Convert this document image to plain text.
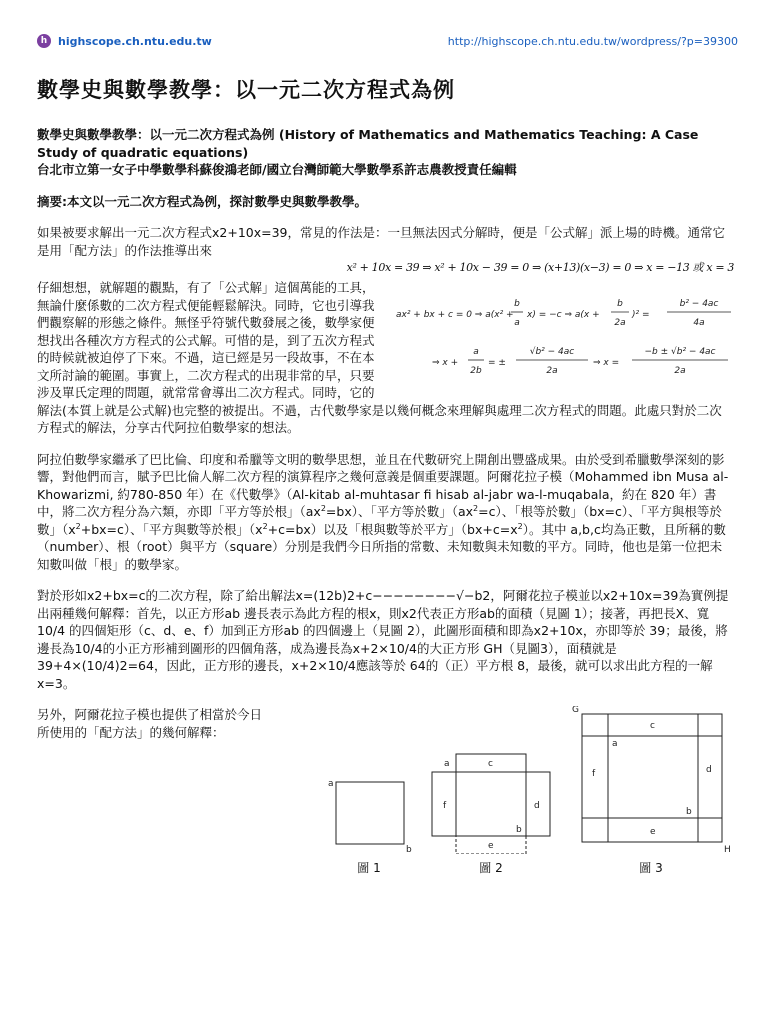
h highscope.ch.ntu.edu.tw	http://highscope.ch.ntu.edu.tw/wordpress/?p=39300
數學史與數學教學：以一元二次方程式為例
數學史與數學教學：以一元二次方程式為例 (History of Mathematics and Mathematics Teaching: A Case Study of quadratic equations)
台北市立第一女子中學數學科蘇俊鴻老師/國立台灣師範大學數學系許志農教授責任編輯

摘要:本文以一元二次方程式為例，探討數學史與數學教學。

如果被要求解出一元二次方程式x2+10x=39，常見的作法是：一旦無法因式分解時，便是「公式解」派上場的時機。通常它是用「配方法」的作法推導出來
x² + 10x = 39 ⇒ x² + 10x − 39 = 0 ⇒ (x+13)(x−3) = 0 ⇒ x = −13 或 x = 3
ax² + bx + c = 0 ⇒ a(x² +
b
a
x) = −c ⇒ a(x +
b
2a
)² =
b² − 4ac
4a
⇒ x +
a
2b
= ±
√b² − 4ac
2a
⇒ x =
−b ± √b² − 4ac
2a
仔細想想，就解題的觀點，有了「公式解」這個萬能的工具，無論什麼係數的二次方程式便能輕鬆解決。同時，它也引導我們觀察解的形態之條件。無怪乎符號代數發展之後，數學家便想找出各種次方方程式的公式解。可惜的是，到了五次方程式的時候就被迫停了下來。不過，這已經是另一段故事，不在本文所討論的範圍。事實上，二次方程式的出現非常的早，只要涉及單氏定理的問題，就常常會導出二次方程式。同時，它的解法(本質上就是公式解)也完整的被提出。不過，古代數學家是以幾何概念來理解與處理二次方程式的問題。此處只對於二次方程式的解法，分享古代阿拉伯數學家的想法。

阿拉伯數學家繼承了巴比倫、印度和希臘等文明的數學思想，並且在代數研究上開創出豐盛成果。由於受到希臘數學深刻的影響，對他們而言，賦予巴比倫人解二次方程的演算程序之幾何意義是個重要課題。阿爾花拉子模（Mohammed ibn Musa al-Khowarizmi, 約780-850 年）在《代數學》（Al-kitab al-muhtasar fi hisab al-jabr wa-l-muqabala，約在 820 年）書中，將二次方程分為六類，亦即「平方等於根」$(ax^2=bx)$、「平方等於數」$(ax^2=c)$、「根等於數」（bx=c）、「平方與根等於數」$(x^2+bx=c)$、「平方與數等於根」$(x^2+c=bx)$以及「根與數等於平方」$(bx+c=x^2)$。其中 a,b,c均為正數，且所稱的數（number）、根（root）與平方（square）分別是我們今日所指的常數、未知數與未知數的平方。同時，他也是第一位把未知數叫做「根」的數學家。

對於形如x2+bx=c的二次方程，除了給出解法x=(12b)2+c−−−−−−−−√−b2，阿爾花拉子模並以x2+10x=39為實例提出兩種幾何解釋：首先，以正方形ab 邊長表示為此方程的根x，則x2代表正方形ab的面積（見圖 1）；接著，再把長X、寬 10/4 的四個矩形（c、d、e、f）加到正方形ab 的四個邊上（見圖 2），此圖形面積和即為x2+10x，亦即等於 39；最後，將邊長為10/4的小正方形補到圖形的四個角落，成為邊長為x+2×10/4的大正方形 GH（見圖3），面積就是39+4×(10/4)2=64，因此，正方形的邊長，x+2×10/4應該等於 64的（正）平方根 8，最後，就可以求出此方程的一解x=3。

另外，阿爾花拉子模也提供了相當於今日所使用的「配方法」的幾何解釋：
a
b
圖 1
a	c
f	d
b
e
圖 2
G
H
a
c
f	d
b
e
圖 3
